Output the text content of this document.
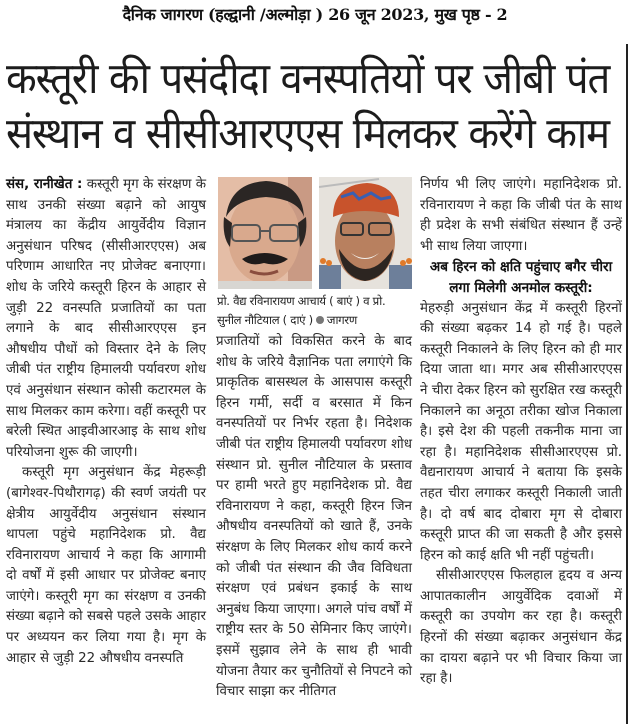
दैनिक जागरण (हल्द्वानी /अल्मोड़ा ) 26 जून 2023, मुख पृष्ठ - 2
कस्तूरी की पसंदीदा वनस्पतियों पर जीबी पंत
संस्थान व सीसीआरएएस मिलकर करेंगे काम

संस, रानीखेत : कस्तूरी मृग के संरक्षण के साथ उनकी संख्या बढ़ाने को आयुष मंत्रालय का केंद्रीय आयुर्वेदीय विज्ञान अनुसंधान परिषद (सीसीआरएएस) अब परिणाम आधारित नए प्रोजेक्ट बनाएगा। शोध के जरिये कस्तूरी हिरन के आहार से जुड़ी 22 वनस्पति प्रजातियों का पता लगाने के बाद सीसीआरएएस इन औषधीय पौधों को विस्तार देने के लिए जीबी पंत राष्ट्रीय हिमालयी पर्यावरण शोध एवं अनुसंधान संस्थान कोसी कटारमल के साथ मिलकर काम करेगा। वहीं कस्तूरी पर बरेली स्थित आइवीआरआइ के साथ शोध परियोजना शुरू की जाएगी।

कस्तूरी मृग अनुसंधान केंद्र मेहरूड़ी (बागेश्वर-पिथौरागढ़) की स्वर्ण जयंती पर क्षेत्रीय आयुर्वेदीय अनुसंधान संस्थान थापला पहुंचे महानिदेशक प्रो. वैद्य रविनारायण आचार्य ने कहा कि आगामी दो वर्षों में इसी आधार पर प्रोजेक्ट बनाए जाएंगे। कस्तूरी मृग का संरक्षण व उनकी संख्या बढ़ाने को सबसे पहले उसके आहार पर अध्ययन कर लिया गया है। मृग के आहार से जुड़ी 22 औषधीय वनस्पति

प्रो. वैद्य रविनारायण आचार्य ( बाएं ) व प्रो.
सुनील नौटियाल ( दाएं ) जागरण

प्रजातियों को विकसित करने के बाद शोध के जरिये वैज्ञानिक पता लगाएंगे कि प्राकृतिक बासस्थल के आसपास कस्तूरी हिरन गर्मी, सर्दी व बरसात में किन वनस्पतियों पर निर्भर रहता है। निदेशक जीबी पंत राष्ट्रीय हिमालयी पर्यावरण शोध संस्थान प्रो. सुनील नौटियाल के प्रस्ताव पर हामी भरते हुए महानिदेशक प्रो. वैद्य रविनारायण ने कहा, कस्तूरी हिरन जिन औषधीय वनस्पतियों को खाते हैं, उनके संरक्षण के लिए मिलकर शोध कार्य करने को जीबी पंत संस्थान की जैव विविधता संरक्षण एवं प्रबंधन इकाई के साथ अनुबंध किया जाएगा। अगले पांच वर्षों में राष्ट्रीय स्तर के 50 सेमिनार किए जाएंगे। इसमें सुझाव लेने के साथ ही भावी योजना तैयार कर चुनौतियों से निपटने को विचार साझा कर नीतिगत

निर्णय भी लिए जाएंगे। महानिदेशक प्रो. रविनारायण ने कहा कि जीबी पंत के साथ ही प्रदेश के सभी संबंधित संस्थान हैं उन्हें भी साथ लिया जाएगा।

अब हिरन को क्षति पहुंचाए बगैर चीरा लगा मिलेगी अनमोल कस्तूरी:

मेहरुड़ी अनुसंधान केंद्र में कस्तूरी हिरनों की संख्या बढ़कर 14 हो गई है। पहले कस्तूरी निकालने के लिए हिरन को ही मार दिया जाता था। मगर अब सीसीआरएएस ने चीरा देकर हिरन को सुरक्षित रख कस्तूरी निकालने का अनूठा तरीका खोज निकाला है। इसे देश की पहली तकनीक माना जा रहा है। महानिदेशक सीसीआरएएस प्रो. वैद्यनारायण आचार्य ने बताया कि इसके तहत चीरा लगाकर कस्तूरी निकाली जाती है। दो वर्ष बाद दोबारा मृग से दोबारा कस्तूरी प्राप्त की जा सकती है और इससे हिरन को काई क्षति भी नहीं पहुंचती।

सीसीआरएएस फिलहाल हृदय व अन्य आपातकालीन आयुर्वेदिक दवाओं में कस्तूरी का उपयोग कर रहा है। कस्तूरी हिरनों की संख्या बढ़ाकर अनुसंधान केंद्र का दायरा बढ़ाने पर भी विचार किया जा रहा है।
